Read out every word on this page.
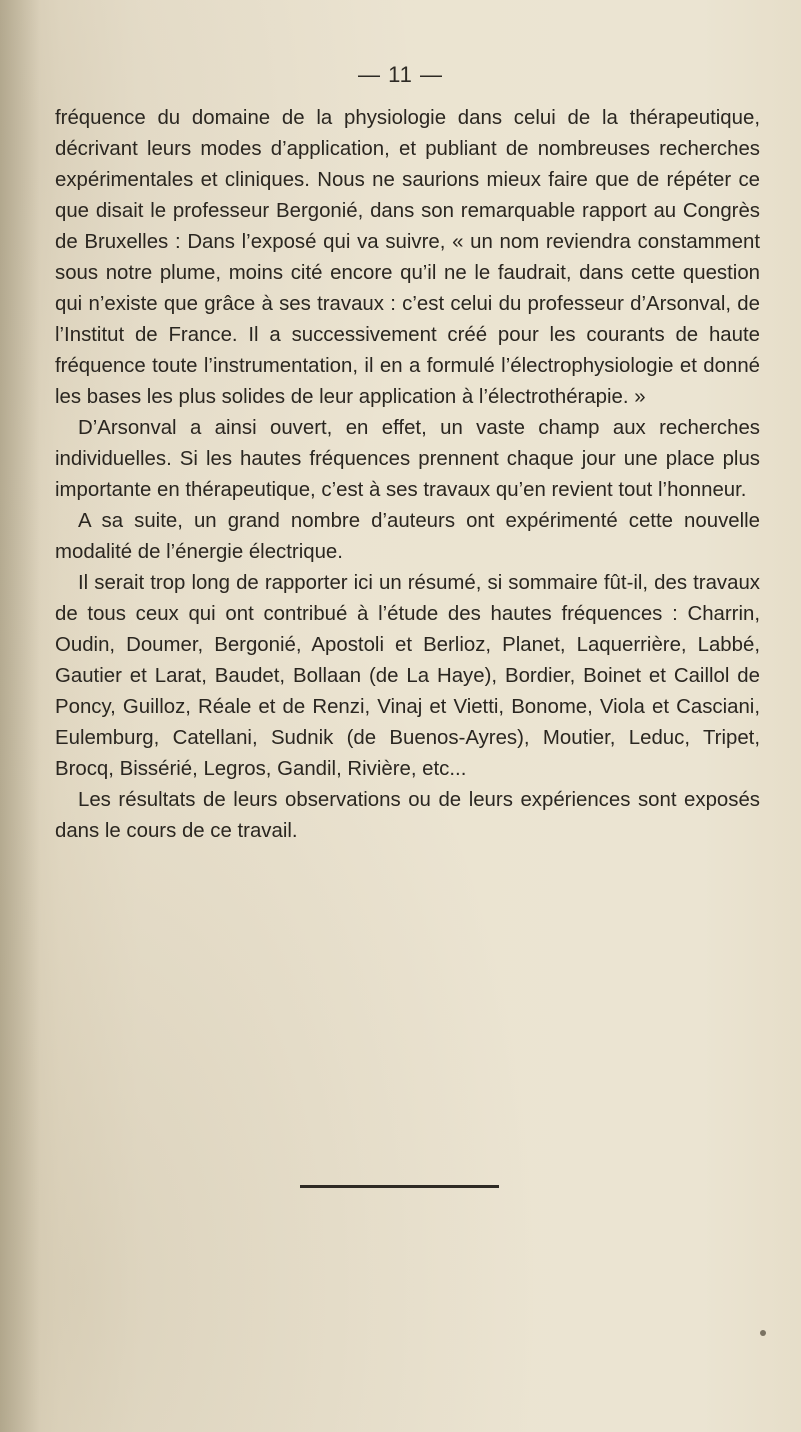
— 11 —

fréquence du domaine de la physiologie dans celui de la thérapeutique, décrivant leurs modes d’application, et publiant de nombreuses recherches expérimentales et cliniques. Nous ne saurions mieux faire que de répéter ce que disait le professeur Bergonié, dans son remarquable rapport au Congrès de Bruxelles : Dans l’exposé qui va suivre, « un nom reviendra constamment sous notre plume, moins cité encore qu’il ne le faudrait, dans cette question qui n’existe que grâce à ses travaux : c’est celui du professeur d’Arsonval, de l’Institut de France. Il a successivement créé pour les courants de haute fréquence toute l’instrumentation, il en a formulé l’électrophysiologie et donné les bases les plus solides de leur application à l’électrothérapie. »

D’Arsonval a ainsi ouvert, en effet, un vaste champ aux recherches individuelles. Si les hautes fréquences prennent chaque jour une place plus importante en thérapeutique, c’est à ses travaux qu’en revient tout l’honneur.

A sa suite, un grand nombre d’auteurs ont expérimenté cette nouvelle modalité de l’énergie électrique.

Il serait trop long de rapporter ici un résumé, si sommaire fût-il, des travaux de tous ceux qui ont contribué à l’étude des hautes fréquences : Charrin, Oudin, Doumer, Bergonié, Apostoli et Berlioz, Planet, Laquerrière, Labbé, Gautier et Larat, Baudet, Bollaan (de La Haye), Bordier, Boinet et Caillol de Poncy, Guilloz, Réale et de Renzi, Vinaj et Vietti, Bonome, Viola et Casciani, Eulemburg, Catellani, Sudnik (de Buenos-Ayres), Moutier, Leduc, Tripet, Brocq, Bissérié, Legros, Gandil, Rivière, etc...

Les résultats de leurs observations ou de leurs expériences sont exposés dans le cours de ce travail.
